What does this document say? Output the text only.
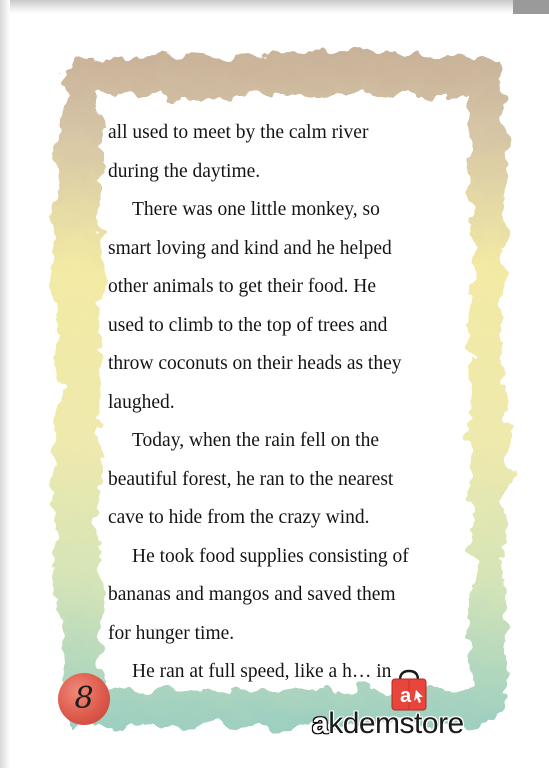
all used to meet by the calm river
during the daytime.

There was one little monkey, so
smart loving and kind and he helped
other animals to get their food. He
used to climb to the top of trees and
throw coconuts on their heads as they
laughed.

Today, when the rain fell on the
beautiful forest, he ran to the nearest
cave to hide from the crazy wind.

He took food supplies consisting of
bananas and mangos and saved them
for hunger time.

He ran at full speed, like a h… in

8	a
akdemstore
